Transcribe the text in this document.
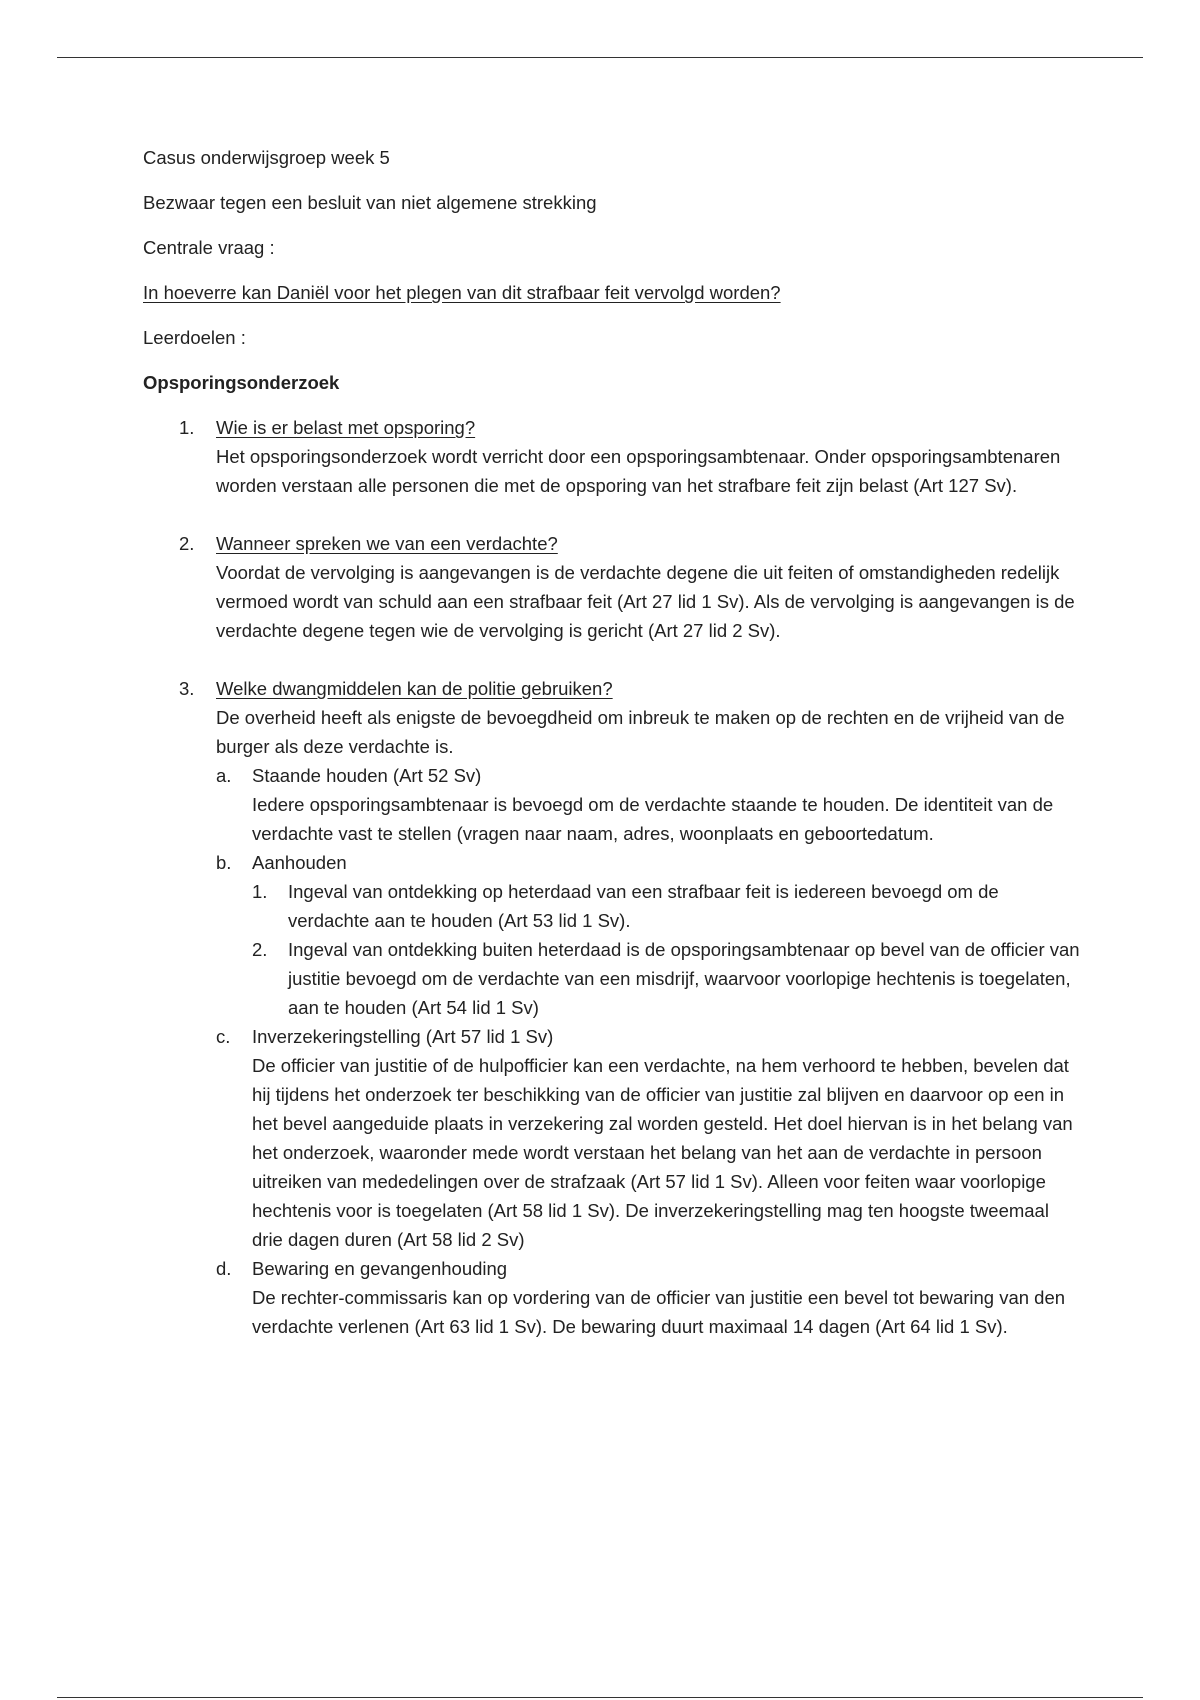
Casus onderwijsgroep week 5

Bezwaar tegen een besluit van niet algemene strekking

Centrale vraag :

In hoeverre kan Daniël voor het plegen van dit strafbaar feit vervolgd worden?

Leerdoelen :

Opsporingsonderzoek

1. Wie is er belast met opsporing?

Het opsporingsonderzoek wordt verricht door een opsporingsambtenaar. Onder opsporingsambtenaren worden verstaan alle personen die met de opsporing van het strafbare feit zijn belast (Art 127 Sv).

2. Wanneer spreken we van een verdachte?

Voordat de vervolging is aangevangen is de verdachte degene die uit feiten of omstandigheden redelijk vermoed wordt van schuld aan een strafbaar feit (Art 27 lid 1 Sv). Als de vervolging is aangevangen is de verdachte degene tegen wie de vervolging is gericht (Art 27 lid 2 Sv).

3. Welke dwangmiddelen kan de politie gebruiken?

De overheid heeft als enigste de bevoegdheid om inbreuk te maken op de rechten en de vrijheid van de burger als deze verdachte is.

a. Staande houden (Art 52 Sv)

Iedere opsporingsambtenaar is bevoegd om de verdachte staande te houden. De identiteit van de verdachte vast te stellen (vragen naar naam, adres, woonplaats en geboortedatum.

b. Aanhouden

1. Ingeval van ontdekking op heterdaad van een strafbaar feit is iedereen bevoegd om de verdachte aan te houden (Art 53 lid 1 Sv).

2. Ingeval van ontdekking buiten heterdaad is de opsporingsambtenaar op bevel van de officier van justitie bevoegd om de verdachte van een misdrijf, waarvoor voorlopige hechtenis is toegelaten, aan te houden (Art 54 lid 1 Sv)

c. Inverzekeringstelling (Art 57 lid 1 Sv)

De officier van justitie of de hulpofficier kan een verdachte, na hem verhoord te hebben, bevelen dat hij tijdens het onderzoek ter beschikking van de officier van justitie zal blijven en daarvoor op een in het bevel aangeduide plaats in verzekering zal worden gesteld. Het doel hiervan is in het belang van het onderzoek, waaronder mede wordt verstaan het belang van het aan de verdachte in persoon uitreiken van mededelingen over de strafzaak (Art 57 lid 1 Sv). Alleen voor feiten waar voorlopige hechtenis voor is toegelaten (Art 58 lid 1 Sv). De inverzekeringstelling mag ten hoogste tweemaal drie dagen duren (Art 58 lid 2 Sv)

d. Bewaring en gevangenhouding

De rechter-commissaris kan op vordering van de officier van justitie een bevel tot bewaring van den verdachte verlenen (Art 63 lid 1 Sv). De bewaring duurt maximaal 14 dagen (Art 64 lid 1 Sv).
